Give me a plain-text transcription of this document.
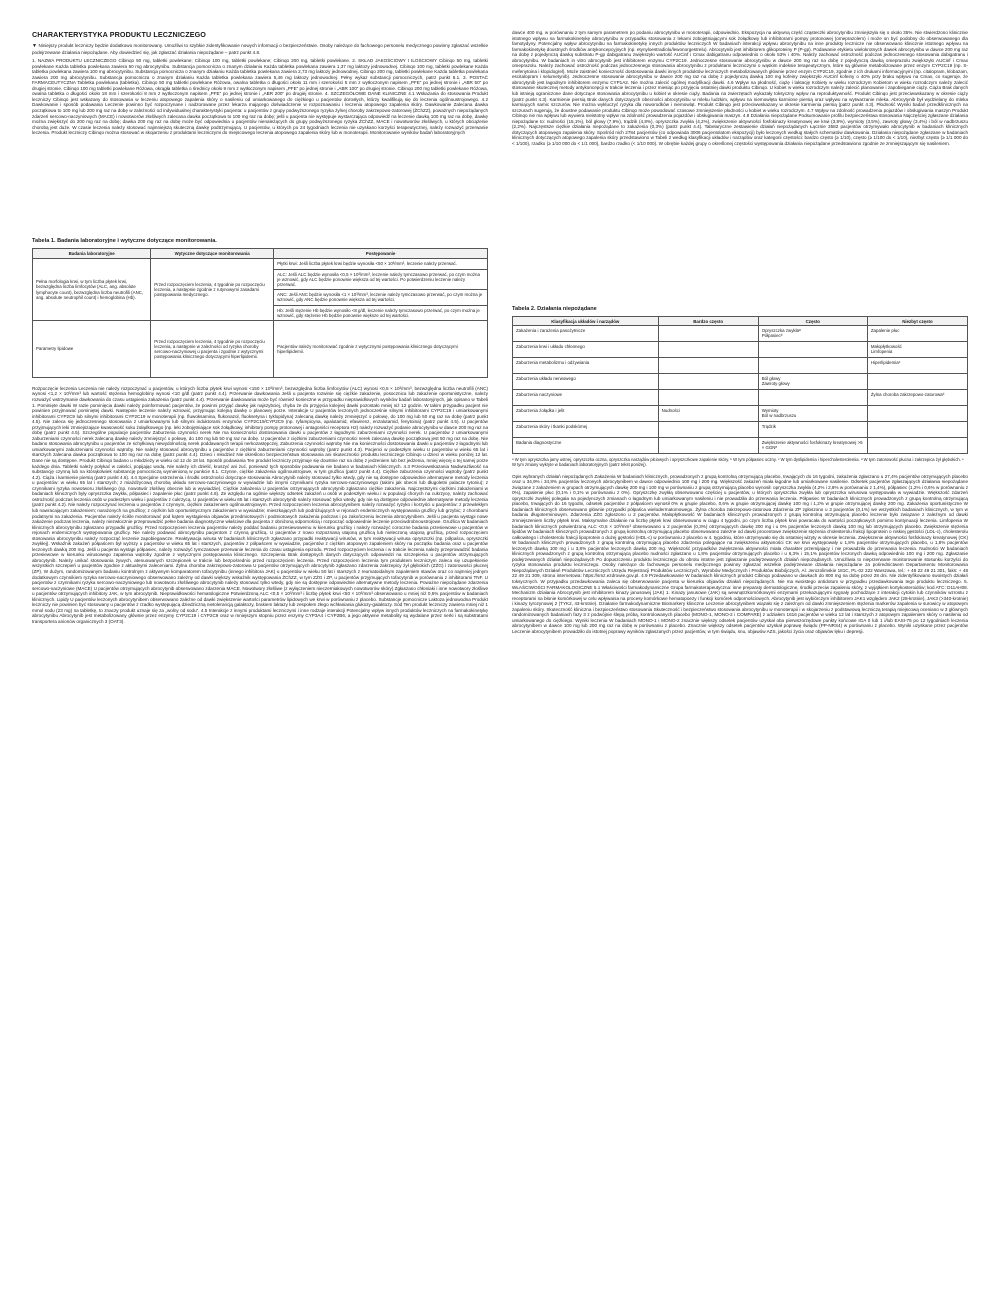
CHARAKTERYSTYKA PRODUKTU LECZNICZEGO
▼ Niniejszy produkt leczniczy będzie dodatkowo monitorowany. Umożliwi to szybkie zidentyfikowanie nowych informacji o bezpieczeństwie. Osoby należące do fachowego personelu medycznego powinny zgłaszać wszelkie podejrzewane działania niepożądane. Aby dowiedzieć się, jak zgłaszać działania niepożądane – patrz punkt 4.8.
1. NAZWA PRODUKTU LECZNICZEGO Cibinqo 50 mg, tabletki powlekane; Cibinqo 100 mg, tabletki powlekane; Cibinqo 200 mg, tabletki powlekane. 2. SKŁAD JAKOŚCIOWY I ILOŚCIOWY Cibinqo 50 mg, tabletki powlekane Każda tabletka powlekana zawiera 50 mg abrocytynibu. Substancja pomocnicza o znanym działaniu Każda tabletka powlekana zawiera 1,37 mg laktozy jednowodnej. Cibinqo 100 mg, tabletki powlekane Każda tabletka powlekana zawiera 100 mg abrocytynibu. Substancja pomocnicza o znanym działaniu Każda tabletka powlekana zawiera 2,73 mg laktozy jednowodnej. Cibinqo 200 mg, tabletki powlekane Każda tabletka powlekana zawiera 200 mg abrocytynibu. Substancja pomocnicza o znanym działaniu Każda tabletka powlekana zawiera 5,46 mg laktozy jednowodnej. Pełny wykaz substancji pomocniczych, patrz punkt 6.1. 3. POSTAĆ FARMACEUTYCZNA Tabletka powlekana (tabletka). Cibinqo 50 mg tabletki powlekane Różowa, owalna tabletka o długości około 11 mm i szerokości 5 mm z wytłoczonym napisem „PFE” po jednej stronie i „ABR 50” po drugiej stronie. Cibinqo 100 mg tabletki powlekane Różowa, okrągła tabletka o średnicy około 9 mm z wytłoczonym napisem „PFE” po jednej stronie i „ABR 100” po drugiej stronie. Cibinqo 200 mg tabletki powlekane Różowa, owalna tabletka o długości około 18 mm i szerokości 8 mm z wytłoczonym napisem „PFE” po jednej stronie i „ABR 200” po drugiej stronie. 4. SZCZEGÓŁOWE DANE KLINICZNE 4.1 Wskazania do stosowania Produkt leczniczy Cibinqo jest wskazany do stosowania w leczeniu atopowego zapalenia skóry o nasileniu od umiarkowanego do ciężkiego u pacjentów dorosłych, którzy kwalifikują się do leczenia ogólnoustrojowego. 4.2 Dawkowanie i sposób podawania Leczenie powinno być rozpoczynane i nadzorowane przez lekarza mającego doświadczenie w rozpoznawaniu i leczeniu atopowego zapalenia skóry. Dawkowanie Zalecana dawka początkowa to 100 mg lub 200 mg raz na dobę w zależności od indywidualnej charakterystyki pacjenta: u pacjentów z grupy podwyższonego ryzyka żylnej choroby zakrzepowo-zatorowej (ŻChZZ), poważnych niepożądanych zdarzeń sercowo-naczyniowych (MACE) i nowotworów złośliwych zalecana dawka początkowa to 100 mg raz na dobę; jeśli u pacjenta nie występuje wystarczająca odpowiedź na leczenie dawką 100 mg raz na dobę, dawkę można zwiększyć do 200 mg raz na dobę; dawka 200 mg raz na dobę może być odpowiednia u pacjentów nienależących do grupy podwyższonego ryzyka ŻChZZ, MACE i nowotworów złośliwych, u których obciążenie chorobą jest duże. W czasie leczenia należy stosować najmniejszą skuteczną dawkę podtrzymującą. U pacjentów, u których po 24 tygodniach leczenia nie uzyskano korzyści terapeutycznej, należy rozważyć przerwanie leczenia. Produkt leczniczy Cibinqo można stosować w skojarzeniu z produktami leczniczymi do miejscowego leczenia atopowego zapalenia skóry lub w monoterapii. Monitorowanie wyników badań laboratoryjnych
Tabela 1. Badania laboratoryjne i wytyczne dotyczące monitorowania.
Badania laboratoryjne	Wytyczne dotyczące monitorowania	Postępowanie
Pełna morfologia krwi, w tym liczba płytek krwi, bezwzględna liczba limfocytów (ALC, ang. absolute lymphocyte count), bezwzględna liczba neutrofili (ANC, ang. absolute neutrophil count) i hemoglobina (Hb).	Przed rozpoczęciem leczenia, 4 tygodnie po rozpoczęciu leczenia, a następnie zgodnie z rutynowymi zasadami postępowania medycznego.	Płytki krwi: Jeśli liczba płytek krwi będzie wynosiła <50 × 10³/mm³, leczenie należy przerwać.
		ALC: Jeśli ALC będzie wynosiła <0,5 × 10³/mm³, leczenie należy tymczasowo przerwać, po czym można je wznowić, gdy ALC będzie ponownie większa od tej wartości. Po potwierdzeniu leczenie należy przerwać.
		ANC: Jeśli ANC będzie wynosiła <1 × 10³/mm³, leczenie należy tymczasowo przerwać, po czym można je wznowić, gdy ANC będzie ponownie większa od tej wartości.
		Hb: Jeśli stężenie Hb będzie wynosiło <8 g/dl, leczenie należy tymczasowo przerwać, po czym można je wznowić, gdy stężenie Hb będzie ponownie większe od tej wartości.
Parametry lipidowe	Przed rozpoczęciem leczenia, 4 tygodnie po rozpoczęciu leczenia, a następnie w zależności od ryzyka choroby sercowo-naczyniowej u pacjenta i zgodnie z wytycznymi postępowania klinicznego dotyczącymi hiperlipidemii.	Pacjentów należy monitorować zgodnie z wytycznymi postępowania klinicznego dotyczącymi hiperlipidemii.
Rozpoczęcie leczenia Leczenia nie należy rozpoczynać u pacjentów, u których liczba płytek krwi wynosi <150 × 10³/mm³, bezwzględna liczba limfocytów (ALC) wynosi <0,5 × 10³/mm³, bezwzględna liczba neutrofili (ANC) wynosi <1,2 × 10³/mm³ lub wartość stężenia hemoglobiny wynosi <10 g/dl (patrz punkt 4.4). Przerwanie dawkowania Jeśli u pacjenta rozwinie się ciężkie zakażenie, posocznica lub zakażenie oportunistyczne, należy rozważyć wstrzymanie dawkowania do czasu ustąpienia zakażenia (patrz punkt 4.4). Przerwanie dawkowania może być również konieczne w przypadku nieprawidłowych wyników badań laboratoryjnych, jak opisano w Tabeli 1. Pominięte dawki W razie pominięcia dawki należy poinformować pacjentów, że powinni przyjąć dawkę jak najszybciej, chyba że do przyjęcia kolejnej dawki pozostało mniej niż 12 godzin. W takim przypadku pacjent nie powinien przyjmować pominiętej dawki. Następnie leczenie należy wznowić, przyjmując kolejną dawkę o planowej porze. Interakcje U pacjentów leczonych jednocześnie silnymi inhibitorami CYP2C19 i umiarkowanymi inhibitorami CYP2C9 lub silnymi inhibitorami CYP2C19 w monoterapii (np. fluwoksamina, flukonazol, fluoksetyna i tyklopidyna) zalecaną dawkę należy zmniejszyć o połowę, do 100 mg lub 50 mg raz na dobę (patrz punkt 4.5). Nie zaleca się jednoczesnego stosowania z umiarkowanymi lub silnymi induktorami enzymów CYP2C19/CYP2C9 (np. ryfampicyna, apalutamid, efawirenz, enzalutamid, fenytoina) (patrz punkt 4.5). U pacjentów przyjmujących leki zmniejszające kwasowość soku żołądkowego (np. leki zobojętniające sok żołądkowy, inhibitory pompy protonowej i antagoniści receptora H2) należy rozważyć podanie abrocytynibu w dawce 200 mg raz na dobę (patrz punkt 4.5). Szczególne populacje pacjentów Zaburzenia czynności nerek Nie ma konieczności dostosowania dawki u pacjentów z łagodnymi zaburzeniami czynności nerek. U pacjentów z umiarkowanymi zaburzeniami czynności nerek zalecaną dawkę należy zmniejszyć o połowę, do 100 mg lub 50 mg raz na dobę. U pacjentów z ciężkimi zaburzeniami czynności nerek zalecaną dawkę początkową jest 50 mg raz na dobę. Nie badano stosowania abrocytynibu u pacjentów ze schyłkową niewydolnością nerek poddawanych terapii nerkozastępczej. Zaburzenia czynności wątroby Nie ma konieczności dostosowania dawki u pacjentów z łagodnymi lub umiarkowanymi zaburzeniami czynności wątroby. Nie należy stosować abrocytynibu u pacjentów z ciężkimi zaburzeniami czynności wątroby (patrz punkt 4.3). Pacjenci w podeszłym wieku U pacjentów w wieku 65 lat i starszych zalecana dawka początkowa to 100 mg raz na dobę (patrz punkt 4.4). Dzieci i młodzież Nie określono bezpieczeństwa stosowania ani skuteczności produktu leczniczego Cibinqo u dzieci w wieku poniżej 12 lat. Dane nie są dostępne. Produkt Cibinqo badano u młodzieży w wieku od 12 do 18 lat. Sposób podawania Ten produkt leczniczy przyjmuje się doustnie raz na dobę z jedzeniem lub bez jedzenia, mniej więcej o tej samej porze każdego dnia. Tabletki należy połykać w całości, popijając wodą. Nie należy ich dzielić, kruszyć ani żuć, ponieważ tych sposobów podawania nie badano w badaniach klinicznych. 4.3 Przeciwwskazania Nadwrażliwość na substancję czynną lub na którąkolwiek substancję pomocniczą wymienioną w punkcie 6.1. Czynne, ciężkie zakażenia ogólnoustrojowe, w tym gruźlica (patrz punkt 4.4). Ciężkie zaburzenia czynności wątroby (patrz punkt 4.2). Ciąża i karmienie piersią (patrz punkt 4.6). 4.4 Specjalne ostrzeżenia i środki ostrożności dotyczące stosowania Abrocytynib należy stosować tylko wtedy, gdy nie są dostępne odpowiednie alternatywne metody leczenia u pacjentów: w wieku 65 lat i starszych; z miażdżycową chorobą układu sercowo-naczyniowego w wywiadzie lub innymi czynnikami ryzyka sercowo-naczyniowego (takimi jak obecni lub długoletni palacze tytoniu); z czynnikami ryzyka nowotworu złośliwego (np. nowotwór złośliwy obecnie lub w wywiadzie). Ciężkie zakażenia U pacjentów otrzymujących abrocytynib zgłaszano ciężkie zakażenia. Najczęstszymi ciężkimi zakażeniami w badaniach klinicznych były opryszczka zwykła, półpasiec i zapalenie płuc (patrz punkt 4.8). Ze względu na ogólnie większy odsetek zakażeń u osób w podeszłym wieku i w populacji chorych na cukrzycę, należy zachować ostrożność podczas leczenia osób w podeszłym wieku i pacjentów z cukrzycą. U pacjentów w wieku 65 lat i starszych abrocytynib należy stosować tylko wtedy, gdy nie są dostępne odpowiednie alternatywne metody leczenia (patrz punkt 4.2). Nie należy rozpoczynać leczenia u pacjentów z czynnym, ciężkim zakażeniem ogólnoustrojowym. Przed rozpoczęciem leczenia abrocytynibem należy rozważyć ryzyko i korzyści u pacjentów: z przewlekłym lub nawracającym zakażeniem; narażonych na gruźlicę; z ciężkim lub oportunistycznym zakażeniem w wywiadzie; mieszkających lub podróżujących w rejonach endemicznych występowania gruźlicy lub grzybic; z chorobami podatnymi na zakażenia. Pacjentów należy ściśle monitorować pod kątem wystąpienia objawów przedmiotowych i podmiotowych zakażenia podczas i po zakończeniu leczenia abrocytynibem. Jeśli u pacjenta wystąpi nowe zakażenie podczas leczenia, należy niezwłocznie przeprowadzić pełne badania diagnostyczne właściwe dla pacjenta z obniżoną odpornością i rozpocząć odpowiednie leczenie przeciwdrobnoustrojowe. Gruźlica W badaniach klinicznych abrocytynibu zgłaszano przypadki gruźlicy. Przed rozpoczęciem leczenia pacjentów należy poddać badaniu przesiewowemu w kierunku gruźlicy i należy rozważyć coroczne badania przesiewowe u pacjentów w rejonach endemicznych występowania gruźlicy. Nie należy podawać abrocytynibu pacjentom z czynną gruźlicą. U pacjentów z nowo rozpoznaną utajoną gruźlicą lub nieleczoną utajoną gruźlicą, przed rozpoczęciem stosowania abrocytynibu należy rozpocząć leczenie zapobiegawcze. Reaktywacja wirusa W badaniach klinicznych zgłaszano przypadki reaktywacji wirusów, w tym reaktywacji wirusa opryszczki (np. półpaśca, opryszczki zwykłej). Wskaźnik zakażeń półpaścem był wyższy u pacjentów w wieku 65 lat i starszych, pacjentów z półpaścem w wywiadzie, pacjentów z ciężkim atopowym zapaleniem skóry na początku badania oraz u pacjentów leczonych dawką 200 mg. Jeśli u pacjenta wystąpi półpasiec, należy rozważyć tymczasowe przerwanie leczenia do czasu ustąpienia epizodu. Przed rozpoczęciem leczenia i w trakcie leczenia należy przeprowadzić badania przesiewowe w kierunku wirusowego zapalenia wątroby zgodnie z wytycznymi postępowania klinicznego. Szczepienia Brak dostępnych danych dotyczących odpowiedzi na szczepienia u pacjentów otrzymujących abrocytynib. Należy unikać stosowania żywych, atenuowanych szczepionek w trakcie lub bezpośrednio przed rozpoczęciem leczenia. Przed rozpoczęciem leczenia tym produktem leczniczym zaleca się uzupełnienie wszystkich szczepień u pacjentów zgodnie z aktualnymi zaleceniami. Żylna choroba zakrzepowo-zatorowa U pacjentów otrzymujących abrocytynib zgłaszano zdarzenia zakrzepicy żył głębokich (ZŻG) i zatorowości płucnej (ZP). W dużym, randomizowanym badaniu kontrolnym z aktywnym komparatorem tofacytynibu (innego inhibitora JAK) u pacjentów w wieku 50 lat i starszych z reumatoidalnym zapaleniem stawów oraz co najmniej jednym dodatkowym czynnikiem ryzyka sercowo-naczyniowego obserwowano zależny od dawki większy wskaźnik występowania ŻChZZ, w tym ZŻG i ZP, u pacjentów przyjmujących tofacytynib w porównaniu z inhibitorami TNF. U pacjentów z czynnikami ryzyka sercowo-naczyniowego lub nowotworu złośliwego abrocytynib należy stosować tylko wtedy, gdy nie są dostępne odpowiednie alternatywne metody leczenia. Poważne niepożądane zdarzenia sercowo-naczyniowe (MACE) U pacjentów otrzymujących abrocytynib obserwowano zdarzenia MACE. Nowotwory złośliwe (z wyłączeniem nieczerniakowych nowotworów skóry) Zgłaszano chłoniaki i inne nowotwory złośliwe u pacjentów otrzymujących inhibitory JAK, w tym abrocytynib. Nieprawidłowości hematologiczne Potwierdzoną ALC <0,5 × 10³/mm³ i liczbę płytek krwi <50 × 10³/mm³ obserwowano u mniej niż 0,5% pacjentów w badaniach klinicznych. Lipidy U pacjentów leczonych abrocytynibem obserwowano zależne od dawki zwiększenie wartości parametrów lipidowych we krwi w porównaniu z placebo. Substancje pomocnicze Laktoza jednowodna Produkt leczniczy nie powinien być stosowany u pacjentów z rzadko występującą dziedziczną nietolerancją galaktozy, brakiem laktazy lub zespołem złego wchłaniania glukozy-galaktozy. Sód Ten produkt leczniczy zawiera mniej niż 1 mmol sodu (23 mg) na tabletkę, to znaczy produkt uznaje się za „wolny od sodu”. 4.5 Interakcje z innymi produktami leczniczymi i inne rodzaje interakcji Potencjalny wpływ innych produktów leczniczych na farmakokinetykę abrocytynibu Abrocytynib jest metabolizowany głównie przez enzymy CYP2C19 i CYP2C9 oraz w mniejszym stopniu przez enzymy CYP3A4 i CYP2B6, a jego aktywne metabolity są wydalane przez nerki i są substratami transportera anionów organicznych 3 (OAT3).
dawce 400 mg, w porównaniu z tym samym parametrem po podaniu abrocytynibu w monoterapii, odpowiednio. Ekspozycja na aktywną część cząsteczki abrocytynibu zmniejszyła się o około 35%. Nie stwierdzono klinicznie istotnego wpływu na farmakokinetykę abrocytynibu w przypadku stosowania z lekami zobojętniającymi sok żołądkowy lub inhibitorami pompy protonowej (omeprazolem) i może on być podobny do obserwowanego dla famotydyny. Potencjalny wpływ abrocytynibu na farmakokinetykę innych produktów leczniczych W badaniach interakcji wpływu abrocytynibu na inne produkty lecznicze nie obserwowano klinicznie istotnego wpływu na farmakokinetykę doustnych środków antykoncepcyjnych (np. etynyloestradiolu/lewonorgestrelu). Abrocytynib jest inhibitorem glikoproteiny P (P-gp). Podawanie etykietu wielokrotnych dawek abrocytynibu w dawce 200 mg raz na dobę z pojedynczą dawką substratu P-gp dabigatranu zwiększyło wartość AUCinf i Cmax dabigatranu odpowiednio o około 53% i 40%. Należy zachować ostrożność podczas jednoczesnego stosowania dabigatranu i abrocytynibu. W badaniach in vitro abrocytynib jest inhibitorem enzymu CYP2C19. Jednoczesne stosowanie abrocytynibu w dawce 200 mg raz na dobę z pojedynczą dawką omeprazolu zwiększyło AUCinf i Cmax omeprazolu. Należy zachować ostrożność podczas jednoczesnego stosowania abrocytynibu z produktami leczniczymi o wąskim indeksie terapeutycznym, które są głównie metabolizowane przez enzym CYP2C19 (np. S-mefenytoina i klopidogrel). Może zaistnieć konieczność dostosowania dawki innych produktów leczniczych metabolizowanych głównie przez enzym CYP2C19, zgodnie z ich drukami informacyjnymi (np. citalopram, klobazam, escitalopram i selumetynib). Jednoczesne stosowanie abrocytynibu w dawce 200 mg raz na dobę z pojedynczą dawką 100 mg kofeiny zwiększyło AUCinf kofeiny o 40% przy braku wpływu na Cmax, co sugeruje, że abrocytynib jest łagodnym inhibitorem enzymu CYP1A2. Nie można zalecić ogólnej modyfikacji dawki. 4.6 Wpływ na płodność, ciążę i laktację Kobiety w wieku rozrodczym Kobietom w wieku rozrodczym należy zalecić stosowanie skutecznej metody antykoncepcji w trakcie leczenia i przez miesiąc po przyjęciu ostatniej dawki produktu Cibinqo. U kobiet w wieku rozrodczym należy zalecić planowanie i zapobieganie ciąży. Ciąża Brak danych lub istnieją ograniczone dane dotyczące stosowania abrocytynibu u kobiet w okresie ciąży. Badania na zwierzętach wykazały toksyczny wpływ na reproduktywność. Produkt Cibinqo jest przeciwwskazany w okresie ciąży (patrz punkt 4.3). Karmienie piersią Brak danych dotyczących obecności abrocytynibu w mleku ludzkim, wpływu na niemowlęta karmione piersią oraz wpływu na wytwarzanie mleka. Abrocytynib był wydzielany do mleka karmiących samic szczurów. Nie można wykluczyć ryzyka dla noworodków i niemowląt. Produkt Cibinqo jest przeciwwskazany w okresie karmienia piersią (patrz punkt 4.3). Płodność Wyniki badań przedklinicznych na szczurach sugerują, że doustne podawanie produktu Cibinqo może powodować czasowe zmniejszenie płodności u kobiet w wieku rozrodczym. 4.7 Wpływ na zdolność prowadzenia pojazdów i obsługiwania maszyn Produkt Cibinqo nie ma wpływu lub wywiera nieistotny wpływ na zdolność prowadzenia pojazdów i obsługiwania maszyn. 4.8 Działania niepożądane Podsumowanie profilu bezpieczeństwa stosowania Najczęściej zgłaszane działania niepożądane to: nudności (15,1%), ból głowy (7,9%), trądzik (4,8%), opryszczka zwykła (4,2%), zwiększenie aktywności fosfokinazy kreatynowej we krwi (3,8%), wymioty (3,5%), zawroty głowy (3,4%) i ból w nadbrzuszu (2,2%). Najczęstsze ciężkie działania niepożądane to zakażenia (0,3%) (patrz punkt 4.4). Tabelaryczne zestawienie działań niepożądanych Łącznie 3582 pacjentów otrzymywało abrocytynib w badaniach klinicznych dotyczących atopowego zapalenia skóry. Spośród nich 2784 pacjentów (co odpowiada 3006 pacjentolatom ekspozycji) było leczonych według stałych schematów dawkowania. Działania niepożądane zgłaszane w badaniach klinicznych dotyczących atopowego zapalenia skóry przedstawiono w Tabeli 2 według klasyfikacji układów i narządów oraz kategorii częstości: bardzo często (≥ 1/10), często (≥ 1/100 do < 1/10), niezbyt często (≥ 1/1 000 do < 1/100), rzadko (≥ 1/10 000 do < 1/1 000), bardzo rzadko (< 1/10 000). W obrębie każdej grupy o określonej częstości występowania działania niepożądane przedstawiono zgodnie ze zmniejszającym się nasileniem.
Tabela 2. Działania niepożądane
Klasyfikacja układów i narządów	Bardzo często	Często	Niezbyt często
Zakażenia i zarażenia pasożytnicze		Opryszczka zwykłaᵃ
Półpasiecᵇ	Zapalenie płuc
Zaburzenia krwi i układu chłonnego			Małopłytkowość
Limfopenia
Zaburzenia metabolizmu i odżywiania			Hiperlipidemiaᶜ
Zaburzenia układu nerwowego		Ból głowy
Zawroty głowy	
Zaburzenia naczyniowe			Żylna choroba zakrzepowo-zatorowaᵈ
Zaburzenia żołądka i jelit	Nudności	Wymioty
Ból w nadbrzuszu	
Zaburzenia skóry i tkanki podskórnej		Trądzik	
Badania diagnostyczne		Zwiększenie aktywności fosfokinazy kreatynowej >5 × GGNᵉ	
ᵃ W tym opryszczka jamy ustnej, opryszczka oczna, opryszczka narządów płciowych i opryszczkowe zapalenie skóry. ᵇ W tym półpasiec oczny. ᶜ W tym dyslipidemia i hipercholesterolemia. ᵈ W tym zatorowość płucna i zakrzepica żył głębokich. ᵉ W tym zmiany wykryte w badaniach laboratoryjnych (patrz tekst poniżej).
Opis wybranych działań niepożądanych Zakażenia W badaniach klinicznych, prowadzonych z grupą kontrolną otrzymującą placebo, trwających do 16 tygodni, zakażenia zgłaszano u 27,4% pacjentów otrzymujących placebo oraz u 34,9% i 34,8% pacjentów leczonych abrocytynibem w dawce odpowiednio 100 mg i 200 mg. Większość zakażeń miała łagodne lub umiarkowane nasilenie. Odsetek pacjentów zgłaszających działania niepożądane związane z zakażeniem w grupach otrzymujących dawkę 200 mg i 100 mg w porównaniu z grupą otrzymującą placebo wynosił: opryszczka zwykła (4,2% i 2,8% w porównaniu z 1,4%), półpasiec (1,2% i 0,6% w porównaniu z 0%), zapalenie płuc (0,1% i 0,1% w porównaniu z 0%). Opryszczkę zwykłą obserwowano częściej u pacjentów, u których opryszczka zwykła lub opryszczka wirusowa występowała w wywiadzie. Większość zdarzeń opryszczki zwykłej polegała na pojedynczych zmianach o łagodnym lub umiarkowanym nasileniu i nie prowadziła do przerwania leczenia. Półpasiec W badaniach klinicznych prowadzonych z grupą kontrolną otrzymującą placebo, trwających do 16 tygodni, odsetek pacjentów z półpaścem wynosił 0% w grupie placebo, 0,6% w grupie otrzymującej dawkę 100 mg i 1,2% w grupie otrzymującej dawkę 200 mg. Zakażenia oportunistyczne W badaniach klinicznych obserwowano głównie przypadki półpaśca wielodermatomowego. Żylna choroba zakrzepowo-zatorowa Zdarzenia ZP zgłoszono u 3 pacjentów (0,1%) we wszystkich badaniach klinicznych, w tym w badaniu długoterminowym. Zdarzenia ZŻG zgłoszono u 2 pacjentów. Małopłytkowość W badaniach klinicznych prowadzonych z grupą kontrolną otrzymującą placebo leczenie było związane z zależnym od dawki zmniejszeniem liczby płytek krwi. Maksymalne działanie na liczbę płytek krwi obserwowano w ciągu 4 tygodni, po czym liczba płytek krwi powracała do wartości początkowych pomimo kontynuacji leczenia. Limfopenia W badaniach klinicznych potwierdzoną ALC <0,5 × 10³/mm³ obserwowano u 2 pacjentów (0,3%) otrzymujących dawkę 200 mg i u 0% pacjentów leczonych dawką 100 mg lub otrzymujących placebo. Zwiększenie stężenia lipidów W badaniach klinicznych prowadzonych z grupą kontrolną otrzymującą placebo obserwowano zależne od dawki procentowe zwiększenie stężenia cholesterolu frakcji lipoprotein o niskiej gęstości (LDL-c), cholesterolu całkowitego i cholesterolu frakcji lipoprotein o dużej gęstości (HDL-c) w porównaniu z placebo w 4. tygodniu, które utrzymywało się do ostatniej wizyty w okresie leczenia. Zwiększenie aktywności fosfokinazy kreatynowej (CK) W badaniach klinicznych prowadzonych z grupą kontrolną otrzymującą placebo zdarzenia polegające na zwiększeniu aktywności CK we krwi występowały u 1,8% pacjentów otrzymujących placebo, u 1,8% pacjentów leczonych dawką 100 mg i u 3,8% pacjentów leczonych dawką 200 mg. Większość przypadków zwiększenia aktywności miała charakter przemijający i nie prowadziła do przerwania leczenia. Nudności W badaniach klinicznych prowadzonych z grupą kontrolną otrzymującą placebo nudności zgłaszano u 1,8% pacjentów otrzymujących placebo i u 6,3% i 15,1% pacjentów leczonych dawką odpowiednio 100 mg i 200 mg. Zgłaszanie podejrzewanych działań niepożądanych Po dopuszczeniu produktu leczniczego do obrotu istotne jest zgłaszanie podejrzewanych działań niepożądanych. Umożliwia to nieprzerwane monitorowanie stosunku korzyści do ryzyka stosowania produktu leczniczego. Osoby należące do fachowego personelu medycznego powinny zgłaszać wszelkie podejrzewane działania niepożądane za pośrednictwem Departamentu Monitorowania Niepożądanych Działań Produktów Leczniczych Urzędu Rejestracji Produktów Leczniczych, Wyrobów Medycznych i Produktów Biobójczych, Al. Jerozolimskie 181C, PL-02 222 Warszawa, tel.: + 48 22 49 21 301, faks: + 48 22 49 21 309, strona internetowa: https://smz.ezdrowie.gov.pl. 4.9 Przedawkowanie W badaniach klinicznych produkt Cibinqo podawano w dawkach do 800 mg na dobę przez 28 dni. Nie zidentyfikowano swoistych działań toksycznych. W przypadku przedawkowania zaleca się obserwowanie pacjenta w kierunku objawów działań niepożądanych. Nie ma swoistego antidotum w przypadku przedawkowania tego produktu leczniczego. 5. WŁAŚCIWOŚCI FARMAKOLOGICZNE 5.1 Właściwości farmakodynamiczne Grupa farmakoterapeutyczna: inne preparaty dermatologiczne, środki przeciw zapaleniu skóry, z wyjątkiem kortykosteroidów; kod ATC: D11AH08. Mechanizm działania Abrocytynib jest inhibitorem kinazy janusowej (JAK) 1. Kinazy janusowe (JAK) są wewnątrzkomórkowymi enzymami przekazującymi sygnały pochodzące z interakcji cytokin lub czynników wzrostu z receptorami na błonie komórkowej w celu wpływania na procesy komórkowe hematopoezy i funkcji komórek odpornościowych. Abrocytynib jest wybiórczym inhibitorem JAK1 względem JAK2 (28-krotnie), JAK3 (>340-krotnie) i kinazy tyrozynowej 2 (TYK2, 43-krotnie). Działanie farmakodynamiczne Biomarkery kliniczne Leczenie abrocytynibem wiązało się z zależnym od dawki zmniejszeniem stężenia markerów zapalenia w surowicy w atopowym zapaleniu skóry. Skuteczność kliniczna i bezpieczeństwo stosowania Skuteczność i bezpieczeństwo stosowania abrocytynibu w monoterapii i w skojarzeniu z podstawową leczniczą terapią miejscową oceniano w 3 głównych randomizowanych badaniach fazy 3 z podwójnie ślepą próbą, kontrolowanych placebo (MONO-1, MONO-2 i COMPARE) z udziałem 1616 pacjentów w wieku 12 lat i starszych z atopowym zapaleniem skóry o nasileniu od umiarkowanego do ciężkiego. Wyniki leczenia W badaniach MONO-1 i MONO-2 znacznie większy odsetek pacjentów uzyskał oba pierwszorzędowe punkty końcowe IGA 0 lub 1 i/lub EASI-75 po 12 tygodniach leczenia abrocytynibem w dawce 100 mg lub 200 mg raz na dobę w porównaniu z placebo. Znacznie większy odsetek pacjentów uzyskał poprawę świądu (PP-NRS4) w porównaniu z placebo. Wyniki uzyskane przez pacjentów Leczenie abrocytynibem prowadziło do istotnej poprawy wyników zgłaszanych przez pacjentów, w tym świądu, snu, objawów AZS, jakości życia oraz objawów lęku i depresji.
